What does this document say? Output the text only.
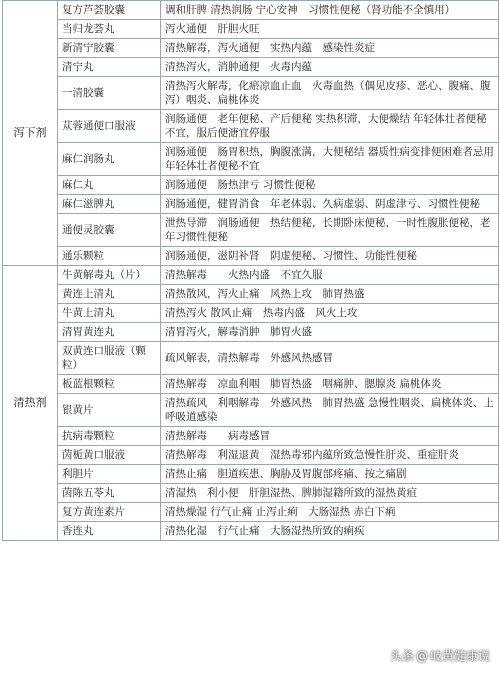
泻下剂	复方芦荟胶囊	调和肝脾 清热润肠 宁心安神　习惯性便秘（肾功能不全慎用）
	当归龙荟丸	泻火通便　肝胆火旺
	新清宁胶囊	清热解毒，泻火通便　实热内蕴　感染性炎症
	清宁丸	清热泻火，消肿通便　火毒内蕴
	一清胶囊	清热泻火解毒，化瘀凉血止血　火毒血热（偶见皮疹、恶心、腹痛、腹泻）咽炎、扁桃体炎
	苁蓉通便口服液	润肠通便　老年便秘、产后便秘 实热积滞，大便燥结 年轻体壮者便秘不宜，服后便溏宜停服
	麻仁润肠丸	润肠通便　肠胃积热，胸腹涨满，大便秘结 器质性病变排便困难者忌用 年轻体壮者便秘不宜
	麻仁丸	润肠通便　肠热津亏 习惯性便秘
	麻仁滋脾丸	润肠通便，健胃消食　年老体弱、久病虚弱、阴虚津亏、习惯性便秘
	通便灵胶囊	泄热导滞　润肠通便　热结便秘，长期卧床便秘，一时性腹胀便秘，老年习惯性便秘
	通乐颗粒	润肠通便，滋阴补肾　阴虚便秘、习惯性、功能性便秘
清热剂	牛黄解毒丸（片）	清热解毒　　火热内盛　不宜久服
	黄连上清丸	清热散风，泻火止痛　风热上攻　肺胃热盛
	牛黄上清丸	清热泻火 散风止痛　热毒内盛　风火上攻
	清胃黄连丸	清胃泻火，解毒消肿　肺胃火盛
	双黄连口服液（颗粒）	疏风解表，清热解毒　外感风热感冒
	板蓝根颗粒	清热解毒　凉血利咽　肺胃热盛　咽痛肿、腮腺炎 扁桃体炎
	银黄片	清热疏风　利咽解毒　外感风热　肺胃热盛 急慢性咽炎、扁桃体炎、上呼吸道感染
	抗病毒颗粒	清热解毒　　病毒感冒
	茵栀黄口服液	清热解毒　利湿退黄　湿热毒邪内蕴所致急慢性肝炎、重症肝炎
	利胆片	清热止痛　胆道疾患、胸胁及胃腹部疼痛、按之痛剧
	茵陈五苓丸	清湿热　利小便　肝胆湿热、脾肺湿籍所致的湿热黄疸
	复方黄连素片	清热燥湿 行气止痛 止泻止痢　大肠湿热 赤白下痢
	香连丸	清热化湿　行气止痛　大肠湿热所致的痢疾
头条 @ 岐黄健康说
